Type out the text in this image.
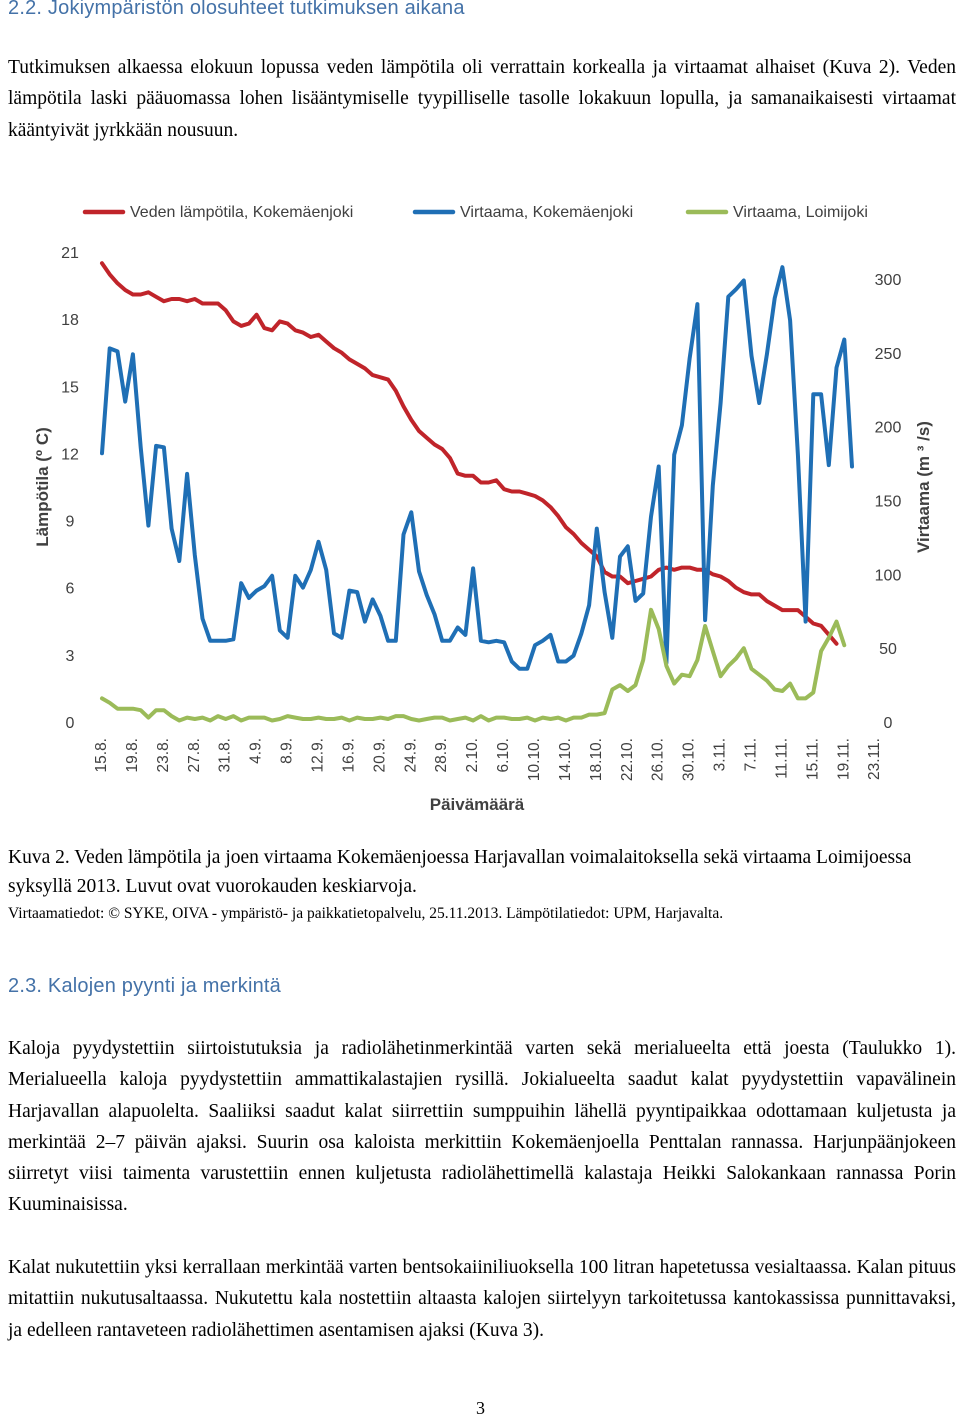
2.2. Jokiympäristön olosuhteet tutkimuksen aikana

Tutkimuksen alkaessa elokuun lopussa veden lämpötila oli verrattain korkealla ja virtaamat alhaiset (Kuva 2). Veden lämpötila laski pääuomassa lohen lisääntymiselle tyypilliselle tasolle lokakuun lopulla, ja samanaikaisesti virtaamat kääntyivät jyrkkään nousuun.

Veden lämpötila, Kokemäenjoki	Virtaama, Kokemäenjoki	Virtaama, Loimijoki
0
3
6
9
12
15
18
21
0
50
100
150
200
250
300
Lämpötila (º C)	Virtaama (m ³ /s)
Päivämäärä
15.8. 19.8. 23.8. 27.8. 31.8. 4.9. 8.9. 12.9. 16.9. 20.9. 24.9. 28.9. 2.10. 6.10. 10.10. 14.10. 18.10. 22.10. 26.10. 30.10. 3.11. 7.11. 11.11. 15.11. 19.11. 23.11.

Kuva 2. Veden lämpötila ja joen virtaama Kokemäenjoessa Harjavallan voimalaitoksella sekä virtaama Loimijoessa syksyllä 2013. Luvut ovat vuorokauden keskiarvoja.

Virtaamatiedot: © SYKE, OIVA - ympäristö- ja paikkatietopalvelu, 25.11.2013. Lämpötilatiedot: UPM, Harjavalta.

2.3. Kalojen pyynti ja merkintä

Kaloja pyydystettiin siirtoistutuksia ja radiolähetinmerkintää varten sekä merialueelta että joesta (Taulukko 1). Merialueella kaloja pyydystettiin ammattikalastajien rysillä. Jokialueelta saadut kalat pyydystettiin vapavälinein Harjavallan alapuolelta. Saaliiksi saadut kalat siirrettiin sumppuihin lähellä pyyntipaikkaa odottamaan kuljetusta ja merkintää 2–7 päivän ajaksi. Suurin osa kaloista merkittiin Kokemäenjoella Penttalan rannassa. Harjunpäänjokeen siirretyt viisi taimenta varustettiin ennen kuljetusta radiolähettimellä kalastaja Heikki Salokankaan rannassa Porin Kuuminaisissa.

Kalat nukutettiin yksi kerrallaan merkintää varten bentsokaiiniliuoksella 100 litran hapetetussa vesialtaassa. Kalan pituus mitattiin nukutusaltaassa. Nukutettu kala nostettiin altaasta kalojen siirtelyyn tarkoitetussa kantokassissa punnittavaksi, ja edelleen rantaveteen radiolähettimen asentamisen ajaksi (Kuva 3).

3
